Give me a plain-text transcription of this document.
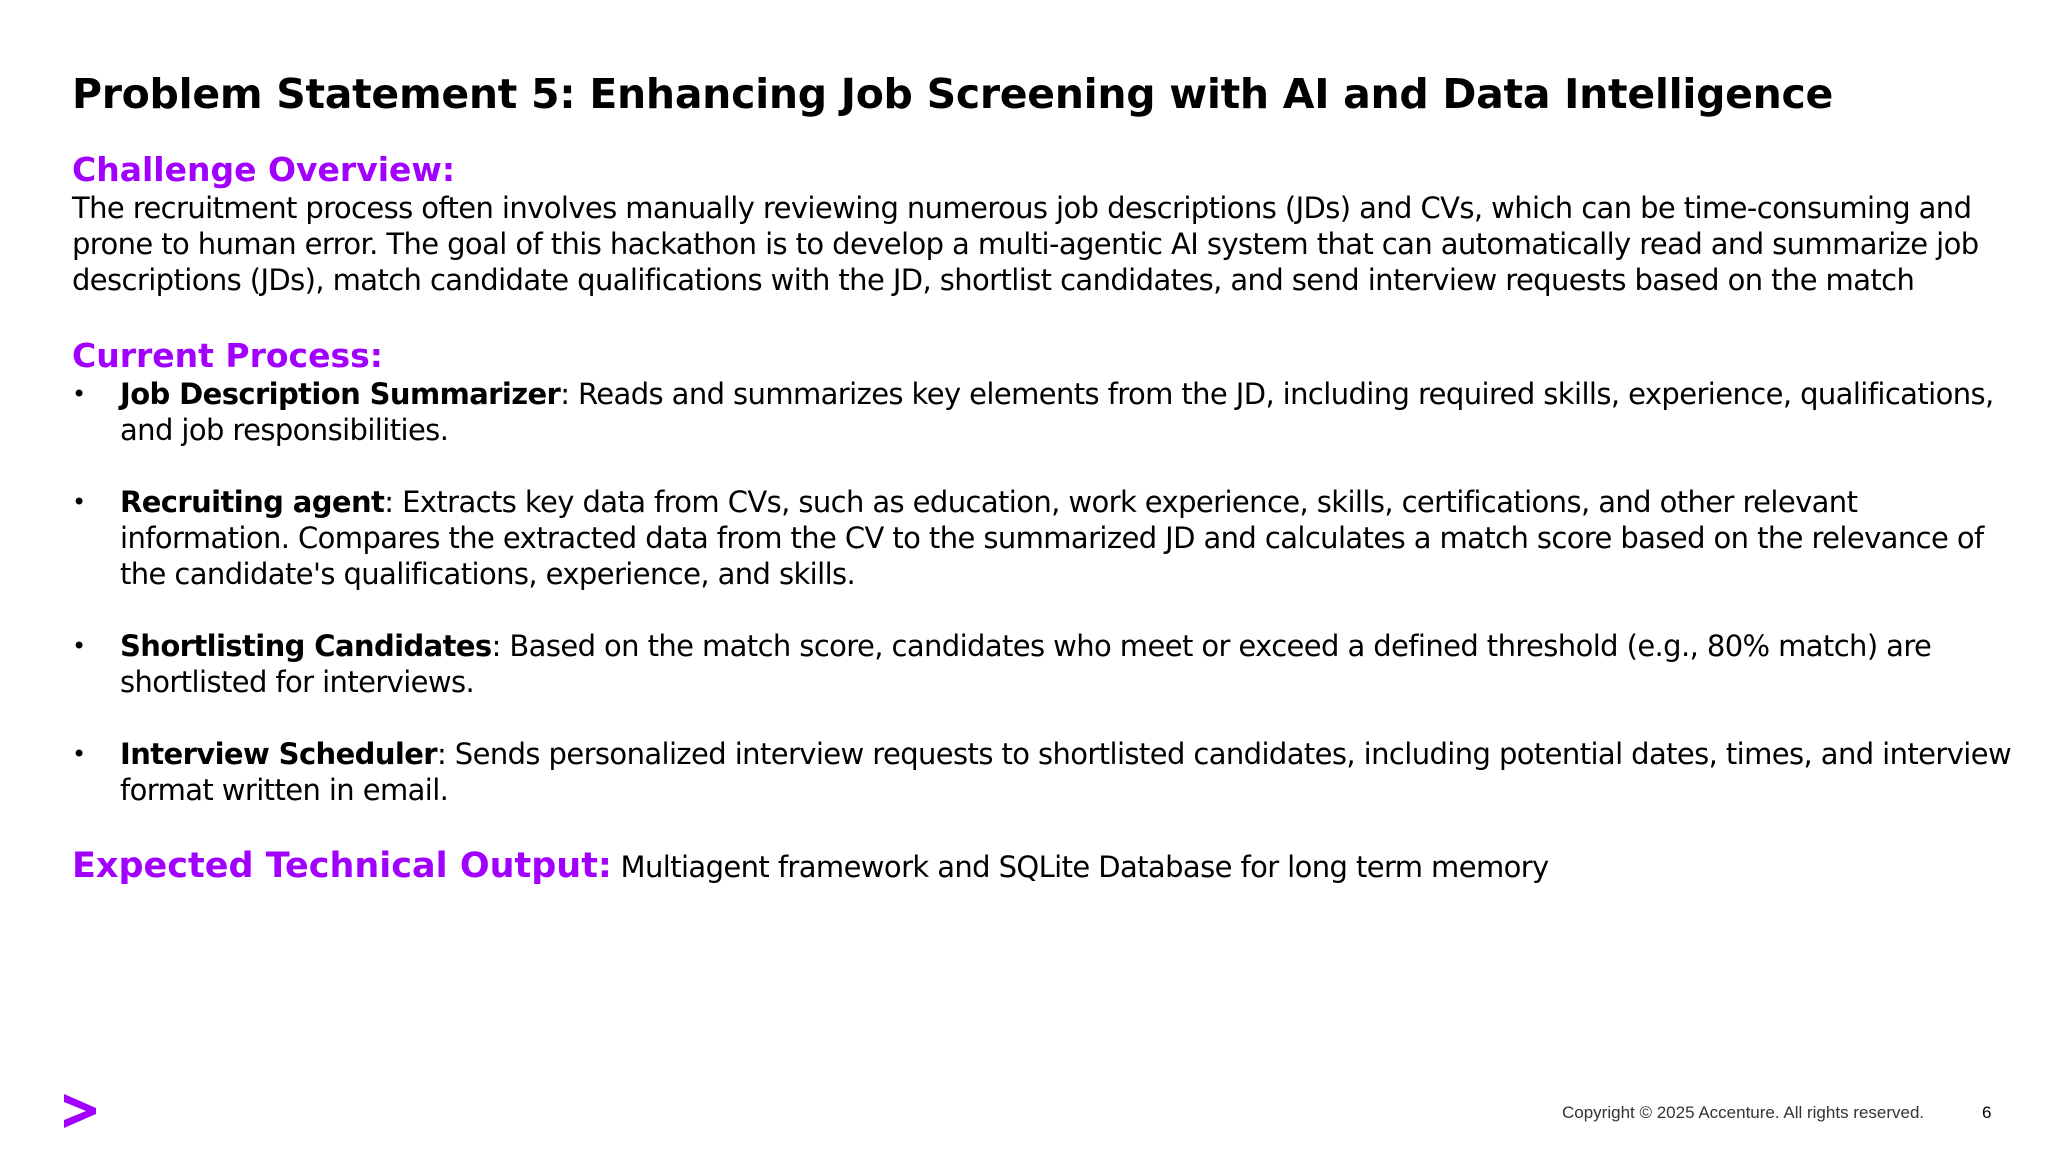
Problem Statement 5: Enhancing Job Screening with AI and Data Intelligence

Challenge Overview:

The recruitment process often involves manually reviewing numerous job descriptions (JDs) and CVs, which can be time-consuming and prone to human error. The goal of this hackathon is to develop a multi-agentic AI system that can automatically read and summarize job descriptions (JDs), match candidate qualifications with the JD, shortlist candidates, and send interview requests based on the match

Current Process:

• Job Description Summarizer: Reads and summarizes key elements from the JD, including required skills, experience, qualifications, and job responsibilities.
• Recruiting agent: Extracts key data from CVs, such as education, work experience, skills, certifications, and other relevant information. Compares the extracted data from the CV to the summarized JD and calculates a match score based on the relevance of the candidate's qualifications, experience, and skills.
• Shortlisting Candidates: Based on the match score, candidates who meet or exceed a defined threshold (e.g., 80% match) are shortlisted for interviews.
• Interview Scheduler: Sends personalized interview requests to shortlisted candidates, including potential dates, times, and interview format written in email.

Expected Technical Output:

Multiagent framework and SQLite Database for long term memory

Copyright © 2025 Accenture. All rights reserved.	6
